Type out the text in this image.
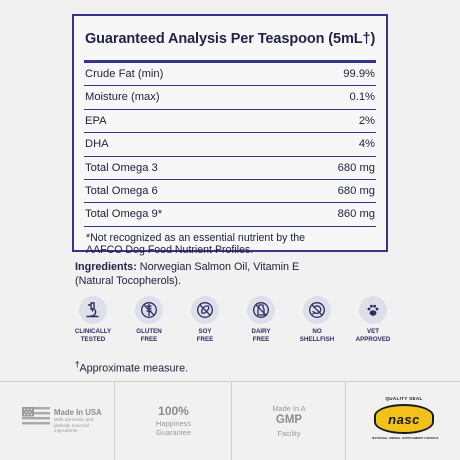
Guaranteed Analysis Per Teaspoon (5mL†)
Crude Fat (min)	99.9%
Moisture (max)	0.1%
EPA	2%
DHA	4%
Total Omega 3	680 mg
Total Omega 6	680 mg
Total Omega 9*	860 mg
*Not recognized as an essential nutrient by the
AAFCO Dog Food Nutrient Profiles.
Ingredients: Norwegian Salmon Oil, Vitamin E
(Natural Tocopherols).
CLINICALLY
TESTED
GLUTEN
FREE
SOY
FREE
DAIRY
FREE
NO
SHELLFISH
VET
APPROVED
†Approximate measure.
Made In USA
With domestic and
globally sourced
ingredients
100%
Happiness
Guarantee
Made In A
GMP
Facility
QUALITY SEAL
nasc
NATIONAL ANIMAL SUPPLEMENT COUNCIL
